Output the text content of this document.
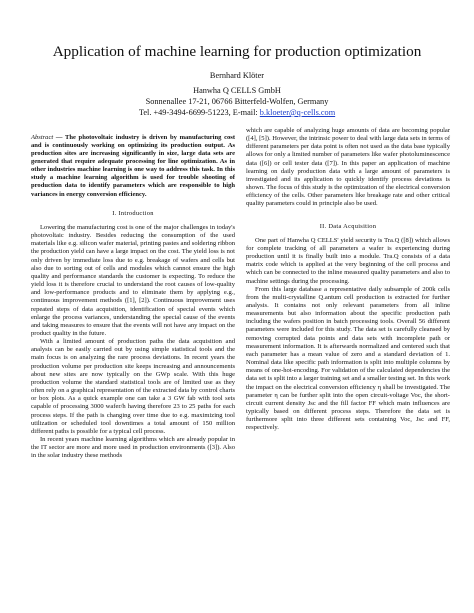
Application of machine learning for production optimization
Bernhard Klöter
Hanwha Q CELLS GmbH
Sonnenallee 17-21, 06766 Bitterfeld-Wolfen, Germany
Tel. +49-3494-6699-51223, E-mail: b.kloeter@q-cells.com

Abstract — The photovoltaic industry is driven by manufacturing cost and is continuously working on optimizing its production output. As production sites are increasing significantly in size, large data sets are generated that require adequate processing for line optimization. As in other industries machine learning is one way to address this task. In this study a machine learning algorithm is used for trouble shooting of production data to identify parameters which are responsible to high variances in energy conversion efficiency.

I. Introduction

Lowering the manufacturing cost is one of the major challenges in today's photovoltaic industry. Besides reducing the consumption of the used materials like e.g. silicon wafer material, printing pastes and soldering ribbon the production yield can have a large impact on the cost. The yield loss is not only driven by immediate loss due to e.g. breakage of wafers and cells but also due to sorting out of cells and modules which cannot ensure the high quality and performance standards the customer is expecting. To reduce the yield loss it is therefore crucial to understand the root causes of low-quality and low-performance products and to eliminate them by applying e.g., continuous improvement methods ([1], [2]). Continuous improvement uses repeated steps of data acquisition, identification of special events which enlarge the process variances, understanding the special cause of the events and taking measures to ensure that the events will not have any impact on the product quality in the future.

With a limited amount of production paths the data acquisition and analysis can be easily carried out by using simple statistical tools and the main focus is on analyzing the rare process deviations. In recent years the production volume per production site keeps increasing and announcements about new sites are now typically on the GWp scale. With this huge production volume the standard statistical tools are of limited use as they often rely on a graphical representation of the extracted data by control charts or box plots. As a quick example one can take a 3 GW fab with tool sets capable of processing 3000 wafer/h having therefore 23 to 25 paths for each process steps. If the path is changing over time due to e.g. maximizing tool utilization or scheduled tool downtimes a total amount of 150 million different paths is possible for a typical cell process.

In recent years machine learning algorithms which are already popular in the IT sector are more and more used in production environments ([3]). Also in the solar industry these methods

which are capable of analyzing huge amounts of data are becoming popular ([4], [5]). However, the intrinsic power to deal with large data sets in terms of different parameters per data point is often not used as the data base typically allows for only a limited number of parameters like wafer photoluminescence data ([6]) or cell tester data ([7]). In this paper an application of machine learning on daily production data with a large amount of parameters is investigated and its application to quickly identify process deviations is shown. The focus of this study is the optimization of the electrical conversion efficiency of the cells. Other parameters like breakage rate and other critical quality parameters could in principle also be used.

II. Data Acquisition

One part of Hanwha Q CELLS' yield security is Tra.Q ([8]) which allows for complete tracking of all parameters a wafer is experiencing during production until it is finally built into a module. Tra.Q consists of a data matrix code which is applied at the very beginning of the cell process and which can be connected to the inline measured quality parameters and also to machine settings during the processing.

From this large database a representative daily subsample of 200k cells from the multi-crystalline Q.antum cell production is extracted for further analysis. It contains not only relevant parameters from all inline measurements but also information about the specific production path including the wafers position in batch processing tools. Overall 56 different parameters were included for this study. The data set is carefully cleansed by removing corrupted data points and data sets with incomplete path or measurement information. It is afterwards normalized and centered such that each parameter has a mean value of zero and a standard deviation of 1. Nominal data like specific path information is split into multiple columns by means of one-hot-encoding. For validation of the calculated dependencies the data set is split into a larger training set and a smaller testing set. In this work the impact on the electrical conversion efficiency η shall be investigated. The parameter η can be further split into the open circuit-voltage Voc, the short-circuit current density Jsc and the fill factor FF which main influences are typically based on different process steps. Therefore the data set is furthermore split into three different sets containing Voc, Jsc and FF, respectively.
